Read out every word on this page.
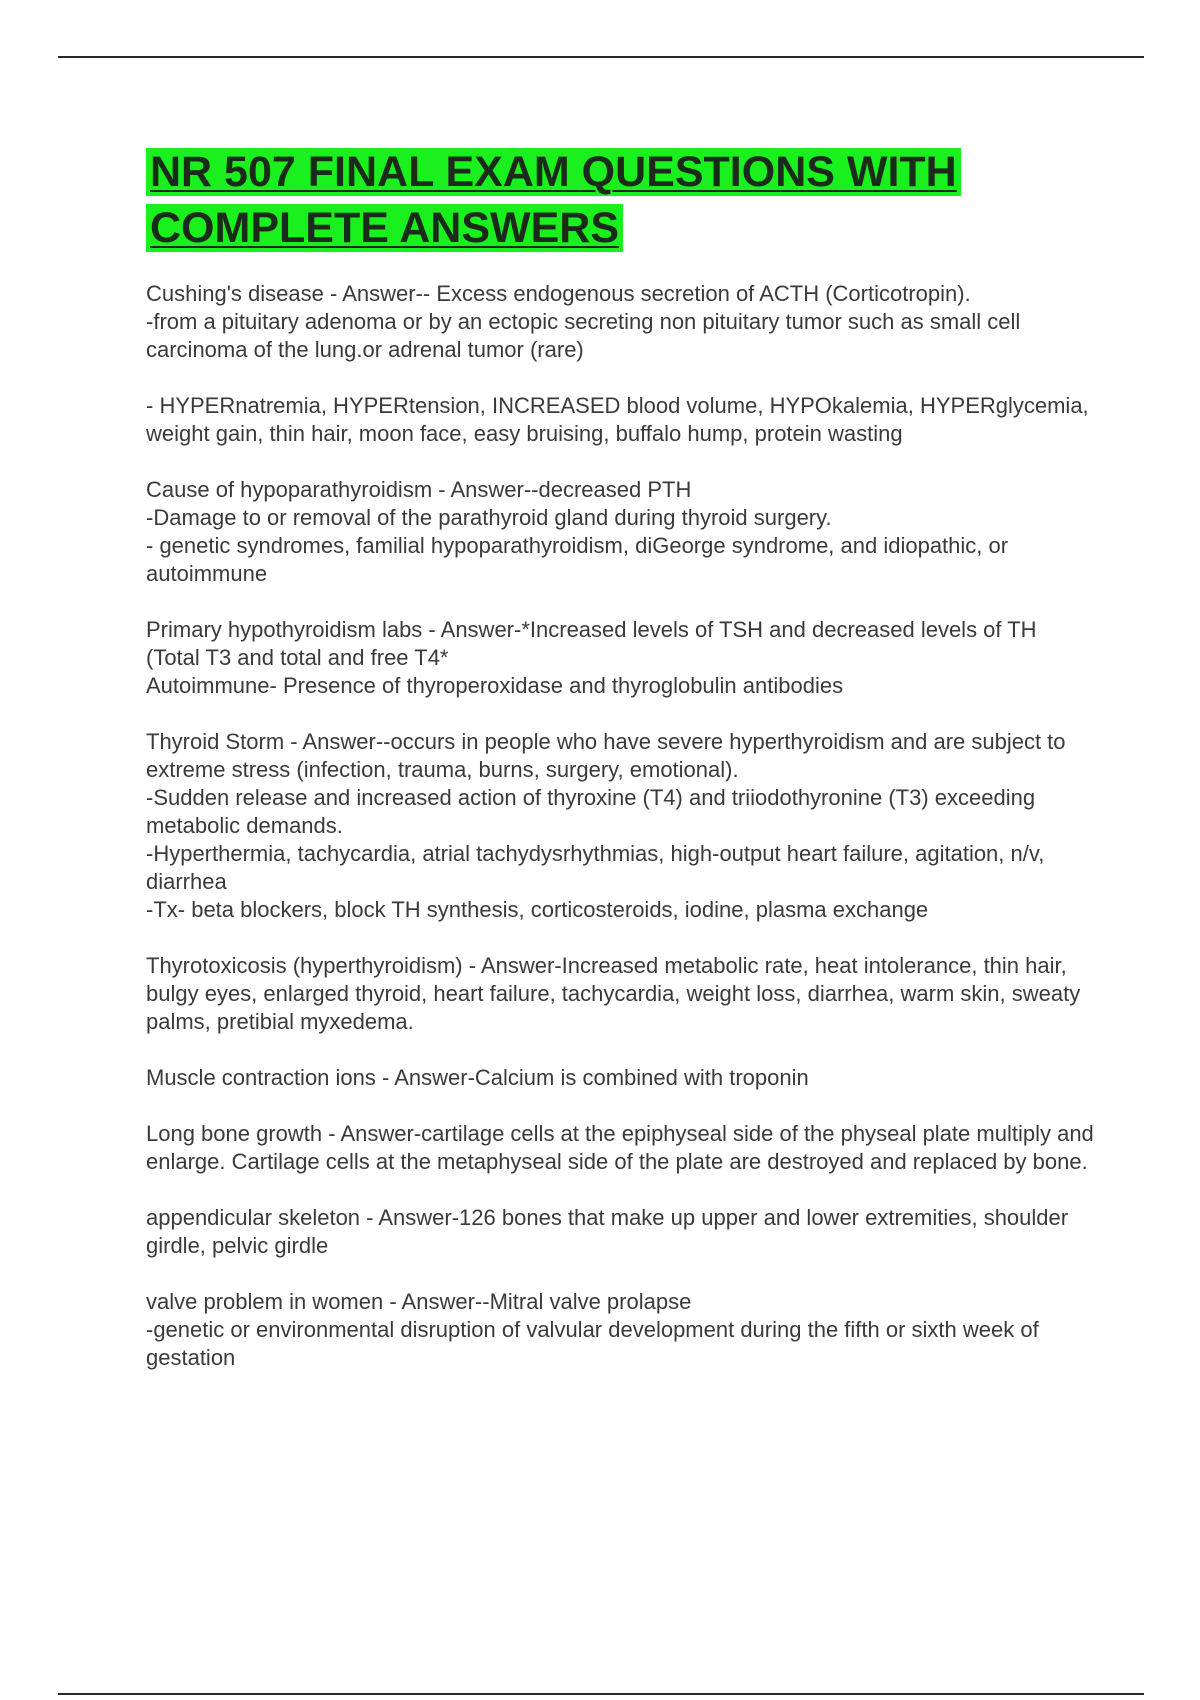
NR 507 FINAL EXAM QUESTIONS WITH
COMPLETE ANSWERS

Cushing's disease - Answer-- Excess endogenous secretion of ACTH (Corticotropin).

-from a pituitary adenoma or by an ectopic secreting non pituitary tumor such as small cell carcinoma of the lung.or adrenal tumor (rare)

- HYPERnatremia, HYPERtension, INCREASED blood volume, HYPOkalemia, HYPERglycemia, weight gain, thin hair, moon face, easy bruising, buffalo hump, protein wasting

Cause of hypoparathyroidism - Answer--decreased PTH

-Damage to or removal of the parathyroid gland during thyroid surgery.

- genetic syndromes, familial hypoparathyroidism, diGeorge syndrome, and idiopathic, or autoimmune

Primary hypothyroidism labs - Answer-*Increased levels of TSH and decreased levels of TH (Total T3 and total and free T4*

Autoimmune- Presence of thyroperoxidase and thyroglobulin antibodies

Thyroid Storm - Answer--occurs in people who have severe hyperthyroidism and are subject to extreme stress (infection, trauma, burns, surgery, emotional).

-Sudden release and increased action of thyroxine (T4) and triiodothyronine (T3) exceeding metabolic demands.

-Hyperthermia, tachycardia, atrial tachydysrhythmias, high-output heart failure, agitation, n/v, diarrhea

-Tx- beta blockers, block TH synthesis, corticosteroids, iodine, plasma exchange

Thyrotoxicosis (hyperthyroidism) - Answer-Increased metabolic rate, heat intolerance, thin hair, bulgy eyes, enlarged thyroid, heart failure, tachycardia, weight loss, diarrhea, warm skin, sweaty palms, pretibial myxedema.

Muscle contraction ions - Answer-Calcium is combined with troponin

Long bone growth - Answer-cartilage cells at the epiphyseal side of the physeal plate multiply and enlarge. Cartilage cells at the metaphyseal side of the plate are destroyed and replaced by bone.

appendicular skeleton - Answer-126 bones that make up upper and lower extremities, shoulder girdle, pelvic girdle

valve problem in women - Answer--Mitral valve prolapse

-genetic or environmental disruption of valvular development during the fifth or sixth week of gestation
